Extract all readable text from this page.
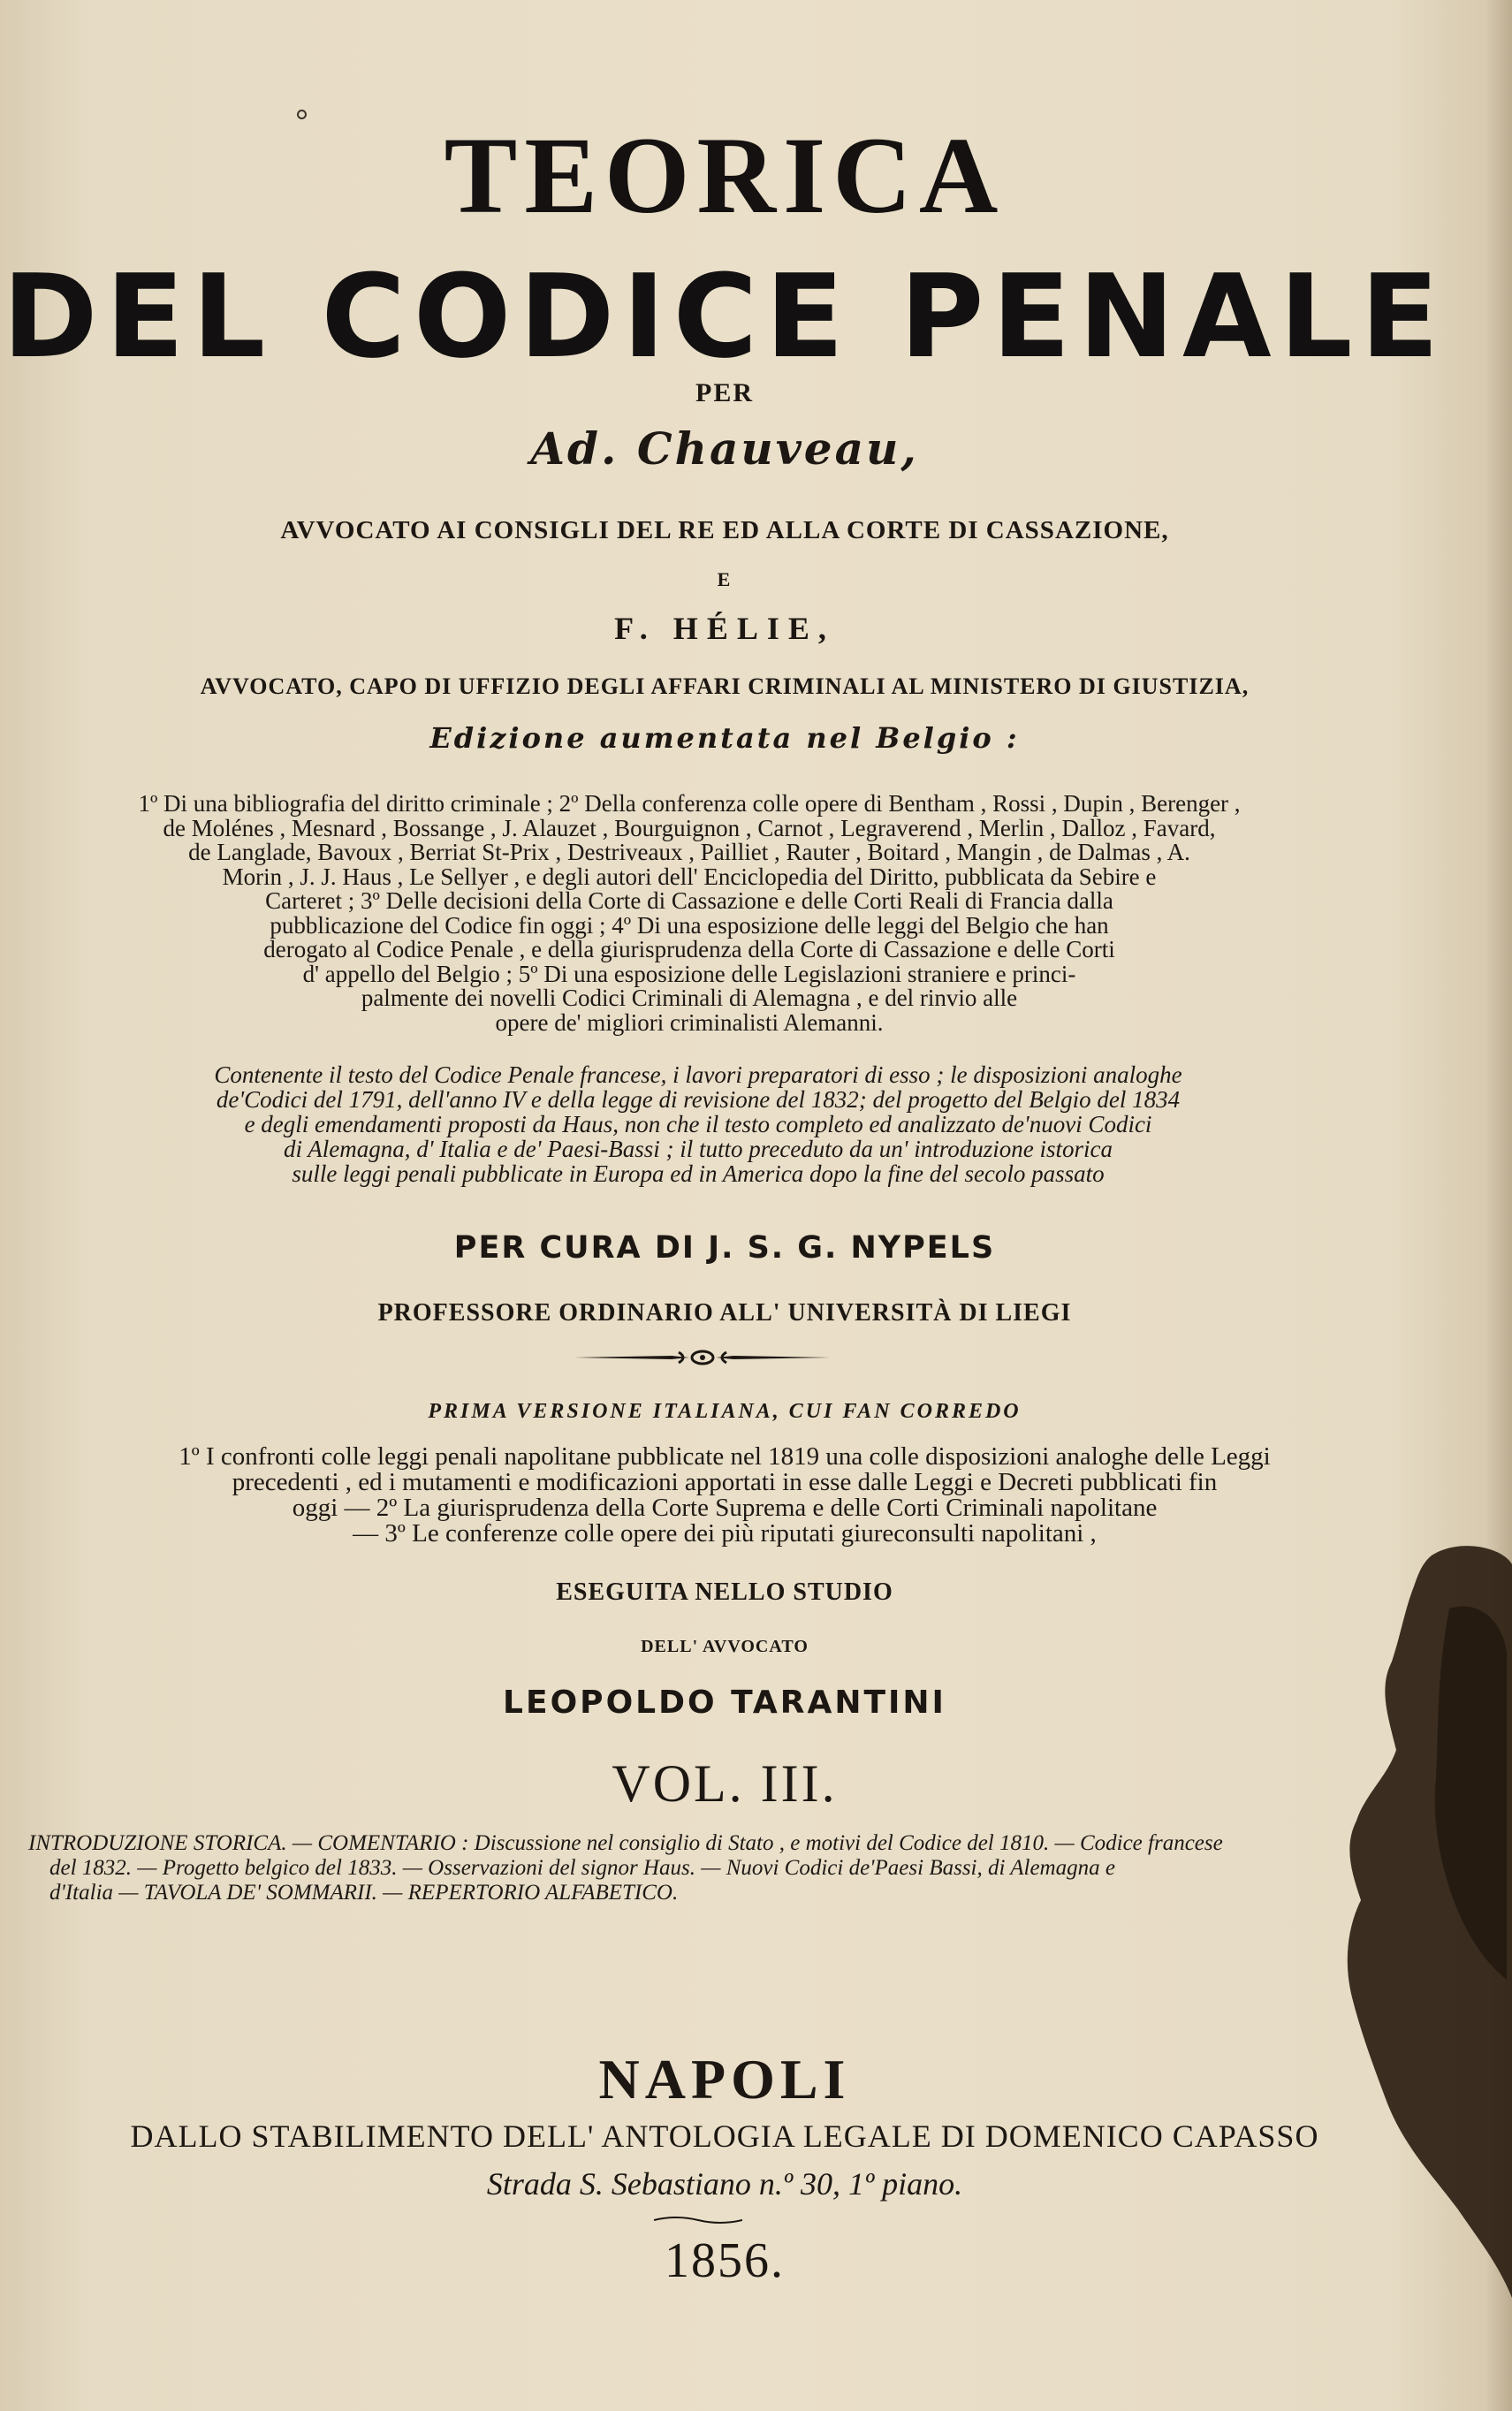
TEORICA
DEL CODICE PENALE
PER
Ad. Chauveau,
AVVOCATO AI CONSIGLI DEL RE ED ALLA CORTE DI CASSAZIONE,
E
F. HÉLIE,
AVVOCATO, CAPO DI UFFIZIO DEGLI AFFARI CRIMINALI AL MINISTERO DI GIUSTIZIA,
Edizione aumentata nel Belgio :
1º Di una bibliografia del diritto criminale ; 2º Della conferenza colle opere di Bentham , Rossi , Dupin , Berenger ,
de Molénes , Mesnard , Bossange , J. Alauzet , Bourguignon , Carnot , Legraverend , Merlin , Dalloz , Favard,
de Langlade, Bavoux , Berriat St-Prix , Destriveaux , Pailliet , Rauter , Boitard , Mangin , de Dalmas , A.
Morin , J. J. Haus , Le Sellyer , e degli autori dell' Enciclopedia del Diritto, pubblicata da Sebire e
Carteret ; 3º Delle decisioni della Corte di Cassazione e delle Corti Reali di Francia dalla
pubblicazione del Codice fin oggi ; 4º Di una esposizione delle leggi del Belgio che han
derogato al Codice Penale , e della giurisprudenza della Corte di Cassazione e delle Corti
d' appello del Belgio ; 5º Di una esposizione delle Legislazioni straniere e princi-
palmente dei novelli Codici Criminali di Alemagna , e del rinvio alle
opere de' migliori criminalisti Alemanni.
Contenente il testo del Codice Penale francese, i lavori preparatori di esso ; le disposizioni analoghe
de'Codici del 1791, dell'anno IV e della legge di revisione del 1832; del progetto del Belgio del 1834
e degli emendamenti proposti da Haus, non che il testo completo ed analizzato de'nuovi Codici
di Alemagna, d' Italia e de' Paesi-Bassi ; il tutto preceduto da un' introduzione istorica
sulle leggi penali pubblicate in Europa ed in America dopo la fine del secolo passato
PER CURA DI J. S. G. NYPELS
PROFESSORE ORDINARIO ALL' UNIVERSITÀ DI LIEGI
PRIMA VERSIONE ITALIANA, CUI FAN CORREDO
1º I confronti colle leggi penali napolitane pubblicate nel 1819 una colle disposizioni analoghe delle Leggi
precedenti , ed i mutamenti e modificazioni apportati in esse dalle Leggi e Decreti pubblicati fin
oggi — 2º La giurisprudenza della Corte Suprema e delle Corti Criminali napolitane
— 3º Le conferenze colle opere dei più riputati giureconsulti napolitani ,
ESEGUITA NELLO STUDIO
DELL' AVVOCATO
LEOPOLDO TARANTINI
VOL. III.
INTRODUZIONE STORICA. — COMENTARIO : Discussione nel consiglio di Stato , e motivi del Codice del 1810. — Codice francese
del 1832. — Progetto belgico del 1833. — Osservazioni del signor Haus. — Nuovi Codici de'Paesi Bassi, di Alemagna e
d'Italia — TAVOLA DE' SOMMARII. — REPERTORIO ALFABETICO.
NAPOLI
DALLO STABILIMENTO DELL' ANTOLOGIA LEGALE DI DOMENICO CAPASSO
Strada S. Sebastiano n.º 30, 1º piano.
1856.
